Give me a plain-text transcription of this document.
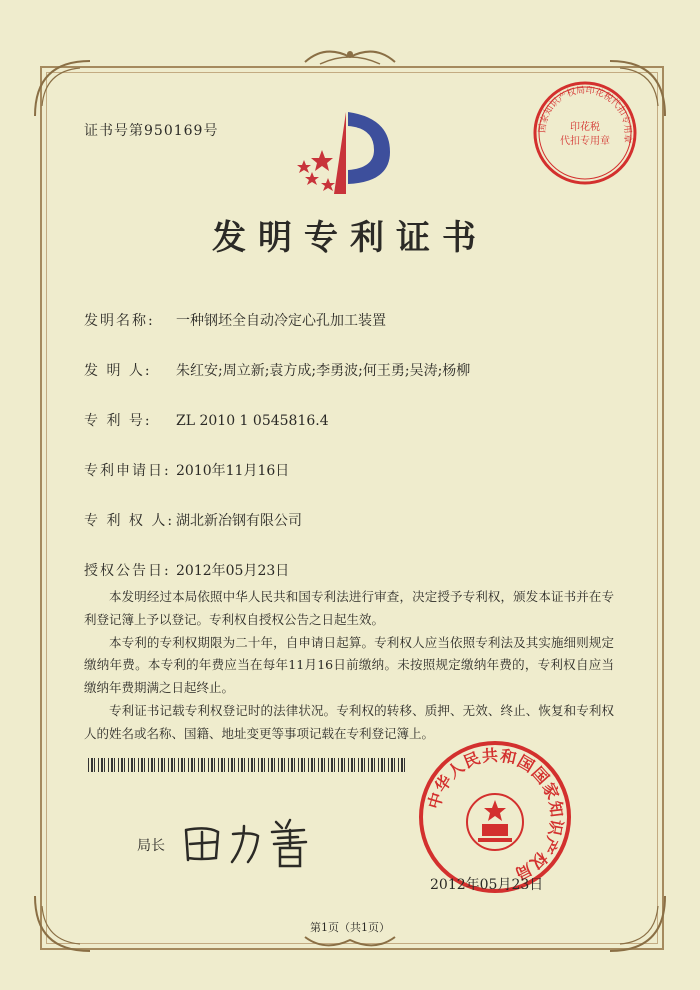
证书号第950169号	国家知识产权局印花税代扣专用章
印花税
代扣专用章
发明专利证书
发明名称: 一种钢坯全自动冷定心孔加工装置
发 明 人: 朱红安;周立新;袁方成;李勇波;何王勇;吴涛;杨柳
专 利 号: ZL 2010 1 0545816.4
专利申请日: 2010年11月16日
专 利 权 人: 湖北新冶钢有限公司
授权公告日: 2012年05月23日

本发明经过本局依照中华人民共和国专利法进行审查，决定授予专利权，颁发本证书并在专利登记簿上予以登记。专利权自授权公告之日起生效。

本专利的专利权期限为二十年，自申请日起算。专利权人应当依照专利法及其实施细则规定缴纳年费。本专利的年费应当在每年11月16日前缴纳。未按照规定缴纳年费的，专利权自应当缴纳年费期满之日起终止。

专利证书记载专利权登记时的法律状况。专利权的转移、质押、无效、终止、恢复和专利权人的姓名或名称、国籍、地址变更等事项记载在专利登记簿上。

局长
中华人民共和国国家知识产权局
2012年05月23日
第1页（共1页）
